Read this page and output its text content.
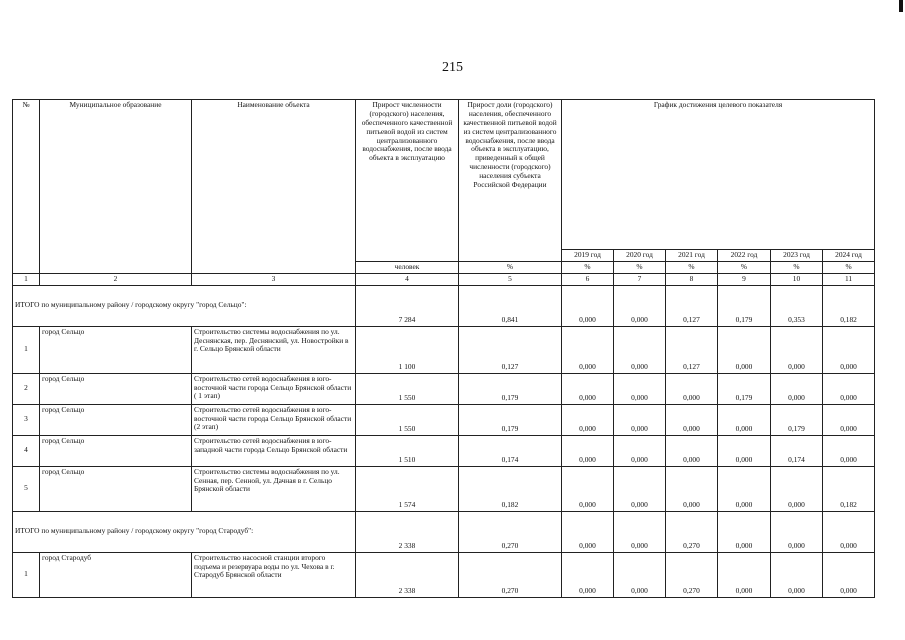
215
№	Муниципальное образование	Наименование объекта	Прирост численности (городского) населения, обеспеченного качественной питьевой водой из систем централизованного водоснабжения, после ввода объекта в эксплуатацию	Прирост доли (городского) населения, обеспеченного качественной питьевой водой из систем централизованного водоснабжения, после ввода объекта в эксплуатацию, приведенный к общей численности (городского) населения субъекта Российской Федерации	График достижения целевого показателя					
					2019 год	2020 год	2021 год	2022 год	2023 год	2024 год
			человек	%	%	%	%	%	%	%
1	2	3	4	5	6	7	8	9	10	11
ИТОГО по муниципальному району / городскому округу "город Сельцо":			7 284	0,841	0,000	0,000	0,127	0,179	0,353	0,182
1	город Сельцо	Строительство системы водоснабжения по ул. Деснянская, пер. Деснянский, ул. Новостройки в г. Сельцо Брянской области	1 100	0,127	0,000	0,000	0,127	0,000	0,000	0,000
2	город Сельцо	Строительство сетей водоснабжения в юго-восточной части города Сельцо Брянской области ( 1 этап)	1 550	0,179	0,000	0,000	0,000	0,179	0,000	0,000
3	город Сельцо	Строительство сетей водоснабжения в юго-восточной части города Сельцо Брянской области (2 этап)	1 550	0,179	0,000	0,000	0,000	0,000	0,179	0,000
4	город Сельцо	Строительство сетей водоснабжения в юго-западной части города Сельцо Брянской области	1 510	0,174	0,000	0,000	0,000	0,000	0,174	0,000
5	город Сельцо	Строительство системы водоснабжения по ул. Сенная, пер. Сенной, ул. Дачная в г. Сельцо Брянской области	1 574	0,182	0,000	0,000	0,000	0,000	0,000	0,182
ИТОГО по муниципальному району / городскому округу "город Стародуб":			2 338	0,270	0,000	0,000	0,270	0,000	0,000	0,000
1	город Стародуб	Строительство насосной станции второго подъема и резервуара воды по ул. Чехова в г. Стародуб Брянской области	2 338	0,270	0,000	0,000	0,270	0,000	0,000	0,000
